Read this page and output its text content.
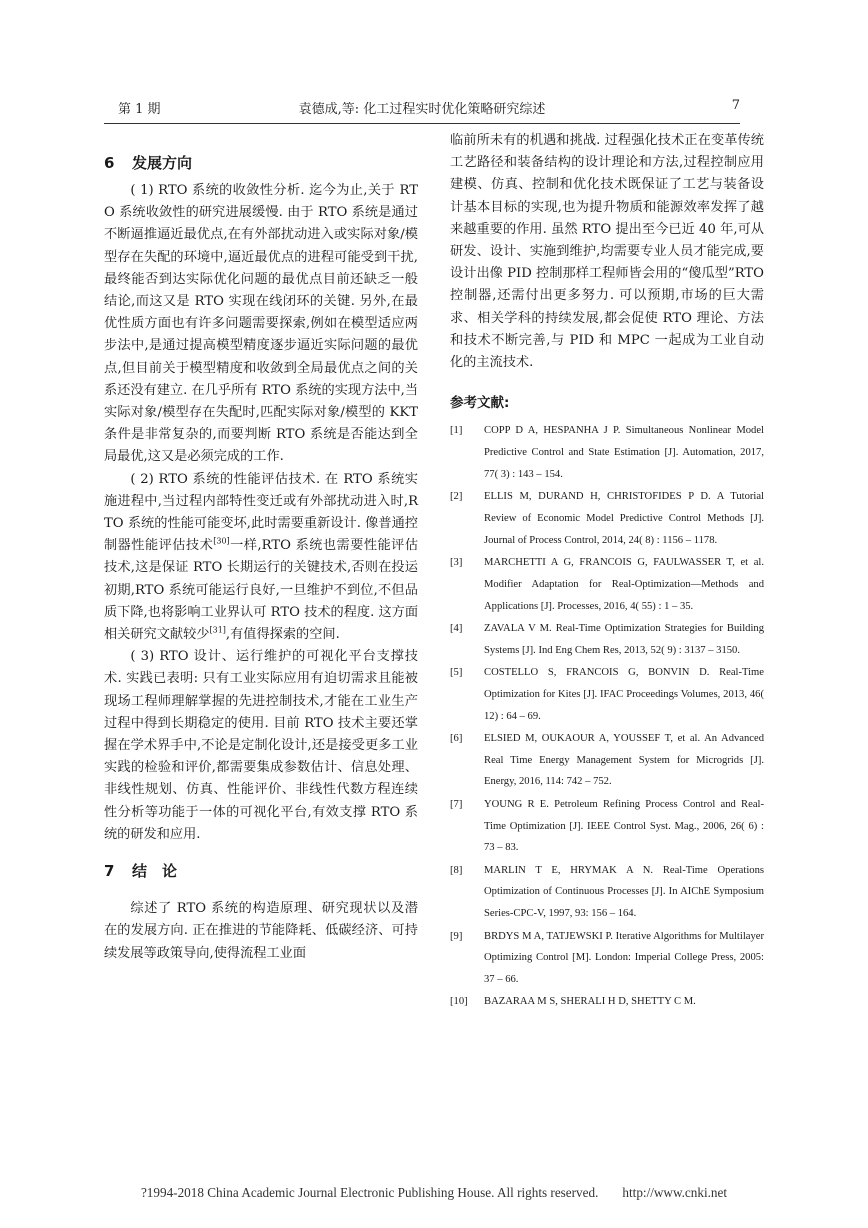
第 1 期	袁德成,等: 化工过程实时优化策略研究综述	7
6 发展方向

( 1) RTO 系统的收敛性分析. 迄今为止,关于 RTO 系统收敛性的研究进展缓慢. 由于 RTO 系统是通过不断逼推逼近最优点,在有外部扰动进入或实际对象/模型存在失配的环境中,逼近最优点的进程可能受到干扰,最终能否到达实际优化问题的最优点目前还缺乏一般结论,而这又是 RTO 实现在线闭环的关键. 另外,在最优性质方面也有许多问题需要探索,例如在模型适应两步法中,是通过提高模型精度逐步逼近实际问题的最优点,但目前关于模型精度和收敛到全局最优点之间的关系还没有建立. 在几乎所有 RTO 系统的实现方法中,当实际对象/模型存在失配时,匹配实际对象/模型的 KKT 条件是非常复杂的,而要判断 RTO 系统是否能达到全局最优,这又是必须完成的工作.

( 2) RTO 系统的性能评估技术. 在 RTO 系统实施进程中,当过程内部特性变迁或有外部扰动进入时,RTO 系统的性能可能变坏,此时需要重新设计. 像普通控制器性能评估技术[30]一样,RTO 系统也需要性能评估技术,这是保证 RTO 长期运行的关键技术,否则在投运初期,RTO 系统可能运行良好,一旦维护不到位,不但品质下降,也将影响工业界认可 RTO 技术的程度. 这方面相关研究文献较少[31],有值得探索的空间.

( 3) RTO 设计、运行维护的可视化平台支撑技术. 实践已表明: 只有工业实际应用有迫切需求且能被现场工程师理解掌握的先进控制技术,才能在工业生产过程中得到长期稳定的使用. 目前 RTO 技术主要还掌握在学术界手中,不论是定制化设计,还是接受更多工业实践的检验和评价,都需要集成参数估计、信息处理、非线性规划、仿真、性能评价、非线性代数方程连续性分析等功能于一体的可视化平台,有效支撑 RTO 系统的研发和应用.

7 结　论

综述了 RTO 系统的构造原理、研究现状以及潜在的发展方向. 正在推进的节能降耗、低碳经济、可持续发展等政策导向,使得流程工业面

临前所未有的机遇和挑战. 过程强化技术正在变革传统工艺路径和装备结构的设计理论和方法,过程控制应用建模、仿真、控制和优化技术既保证了工艺与装备设计基本目标的实现,也为提升物质和能源效率发挥了越来越重要的作用. 虽然 RTO 提出至今已近 40 年,可从研发、设计、实施到维护,均需要专业人员才能完成,要设计出像 PID 控制那样工程师皆会用的“傻瓜型”RTO 控制器,还需付出更多努力. 可以预期,市场的巨大需求、相关学科的持续发展,都会促使 RTO 理论、方法和技术不断完善,与 PID 和 MPC 一起成为工业自动化的主流技术.

参考文献:
[1] COPP D A, HESPANHA J P. Simultaneous Nonlinear Model Predictive Control and State Estimation [J]. Automation, 2017, 77( 3) : 143 – 154.
[2] ELLIS M, DURAND H, CHRISTOFIDES P D. A Tutorial Review of Economic Model Predictive Control Methods [J]. Journal of Process Control, 2014, 24( 8) : 1156 – 1178.
[3] MARCHETTI A G, FRANCOIS G, FAULWASSER T, et al. Modifier Adaptation for Real-Optimization—Methods and Applications [J]. Processes, 2016, 4( 55) : 1 – 35.
[4] ZAVALA V M. Real-Time Optimization Strategies for Building Systems [J]. Ind Eng Chem Res, 2013, 52( 9) : 3137 – 3150.
[5] COSTELLO S, FRANCOIS G, BONVIN D. Real-Time Optimization for Kites [J]. IFAC Proceedings Volumes, 2013, 46( 12) : 64 – 69.
[6] ELSIED M, OUKAOUR A, YOUSSEF T, et al. An Advanced Real Time Energy Management System for Microgrids [J]. Energy, 2016, 114: 742 – 752.
[7] YOUNG R E. Petroleum Refining Process Control and Real-Time Optimization [J]. IEEE Control Syst. Mag., 2006, 26( 6) : 73 – 83.
[8] MARLIN T E, HRYMAK A N. Real-Time Operations Optimization of Continuous Processes [J]. In AIChE Symposium Series-CPC-V, 1997, 93: 156 – 164.
[9] BRDYS M A, TATJEWSKI P. Iterative Algorithms for Multilayer Optimizing Control [M]. London: Imperial College Press, 2005: 37 – 66.
[10] BAZARAA M S, SHERALI H D, SHETTY C M.
?1994-2018 China Academic Journal Electronic Publishing House. All rights reserved. http://www.cnki.net
